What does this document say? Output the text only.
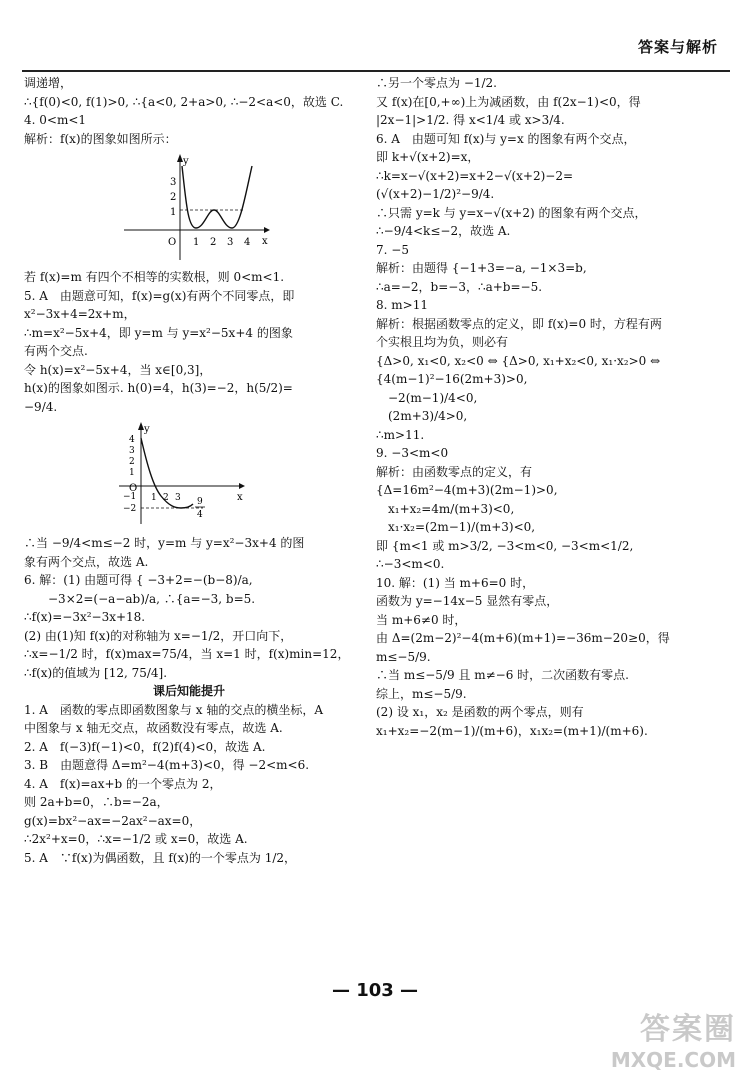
答案与解析
调递增，
∴{f(0)<0, f(1)>0, ∴{a<0, 2+a>0, ∴−2<a<0，故选 C.
4. 0<m<1
解析：f(x)的图象如图所示：
O
y
x
3
2
1
1 2 3 4
若 f(x)=m 有四个不相等的实数根，则 0<m<1.
5. A　由题意可知，f(x)=g(x)有两个不同零点，即
x²−3x+4=2x+m，
∴m=x²−5x+4，即 y=m 与 y=x²−5x+4 的图象
有两个交点.
令 h(x)=x²−5x+4，当 x∈[0,3]，
h(x)的图象如图示. h(0)=4，h(3)=−2，h(5/2)=
−9/4.
O
y
x
4
3
2
1
−1
−2
1 2 3 9
4
∴当 −9/4<m≤−2 时，y=m 与 y=x²−3x+4 的图
象有两个交点，故选 A.
6. 解：(1) 由题可得 { −3+2=−(b−8)/a,
　　−3×2=(−a−ab)/a, ∴{a=−3, b=5.
∴f(x)=−3x²−3x+18.
(2) 由(1)知 f(x)的对称轴为 x=−1/2，开口向下，
∴x=−1/2 时，f(x)max=75/4，当 x=1 时，f(x)min=12，
∴f(x)的值域为 [12, 75/4].
课后知能提升
1. A　函数的零点即函数图象与 x 轴的交点的横坐标，A
中图象与 x 轴无交点，故函数没有零点，故选 A.
2. A　f(−3)f(−1)<0，f(2)f(4)<0，故选 A.
3. B　由题意得 Δ=m²−4(m+3)<0，得 −2<m<6.
4. A　f(x)=ax+b 的一个零点为 2，
则 2a+b=0，∴b=−2a，
g(x)=bx²−ax=−2ax²−ax=0，
∴2x²+x=0，∴x=−1/2 或 x=0，故选 A.
5. A　∵f(x)为偶函数，且 f(x)的一个零点为 1/2，
∴另一个零点为 −1/2.
又 f(x)在[0,+∞)上为减函数，由 f(2x−1)<0，得
|2x−1|>1/2. 得 x<1/4 或 x>3/4.
6. A　由题可知 f(x)与 y=x 的图象有两个交点，
即 k+√(x+2)=x，
∴k=x−√(x+2)=x+2−√(x+2)−2=
(√(x+2)−1/2)²−9/4.
∴只需 y=k 与 y=x−√(x+2) 的图象有两个交点，
∴−9/4<k≤−2，故选 A.
7. −5
解析：由题得 {−1+3=−a, −1×3=b,
∴a=−2，b=−3，∴a+b=−5.
8. m>11
解析：根据函数零点的定义，即 f(x)=0 时，方程有两
个实根且均为负，则必有
{Δ>0, x₁<0, x₂<0 ⇔ {Δ>0, x₁+x₂<0, x₁·x₂>0 ⇔
{4(m−1)²−16(2m+3)>0,
　−2(m−1)/4<0,
　(2m+3)/4>0,
∴m>11.
9. −3<m<0
解析：由函数零点的定义，有
{Δ=16m²−4(m+3)(2m−1)>0,
　x₁+x₂=4m/(m+3)<0,
　x₁·x₂=(2m−1)/(m+3)<0,
即 {m<1 或 m>3/2, −3<m<0, −3<m<1/2,
∴−3<m<0.
10. 解：(1) 当 m+6=0 时，
函数为 y=−14x−5 显然有零点，
当 m+6≠0 时，
由 Δ=(2m−2)²−4(m+6)(m+1)=−36m−20≥0，得
m≤−5/9.
∴当 m≤−5/9 且 m≠−6 时，二次函数有零点.
综上，m≤−5/9.
(2) 设 x₁，x₂ 是函数的两个零点，则有
x₁+x₂=−2(m−1)/(m+6)，x₁x₂=(m+1)/(m+6).
— 103 —
答案圈
MXQE.COM
